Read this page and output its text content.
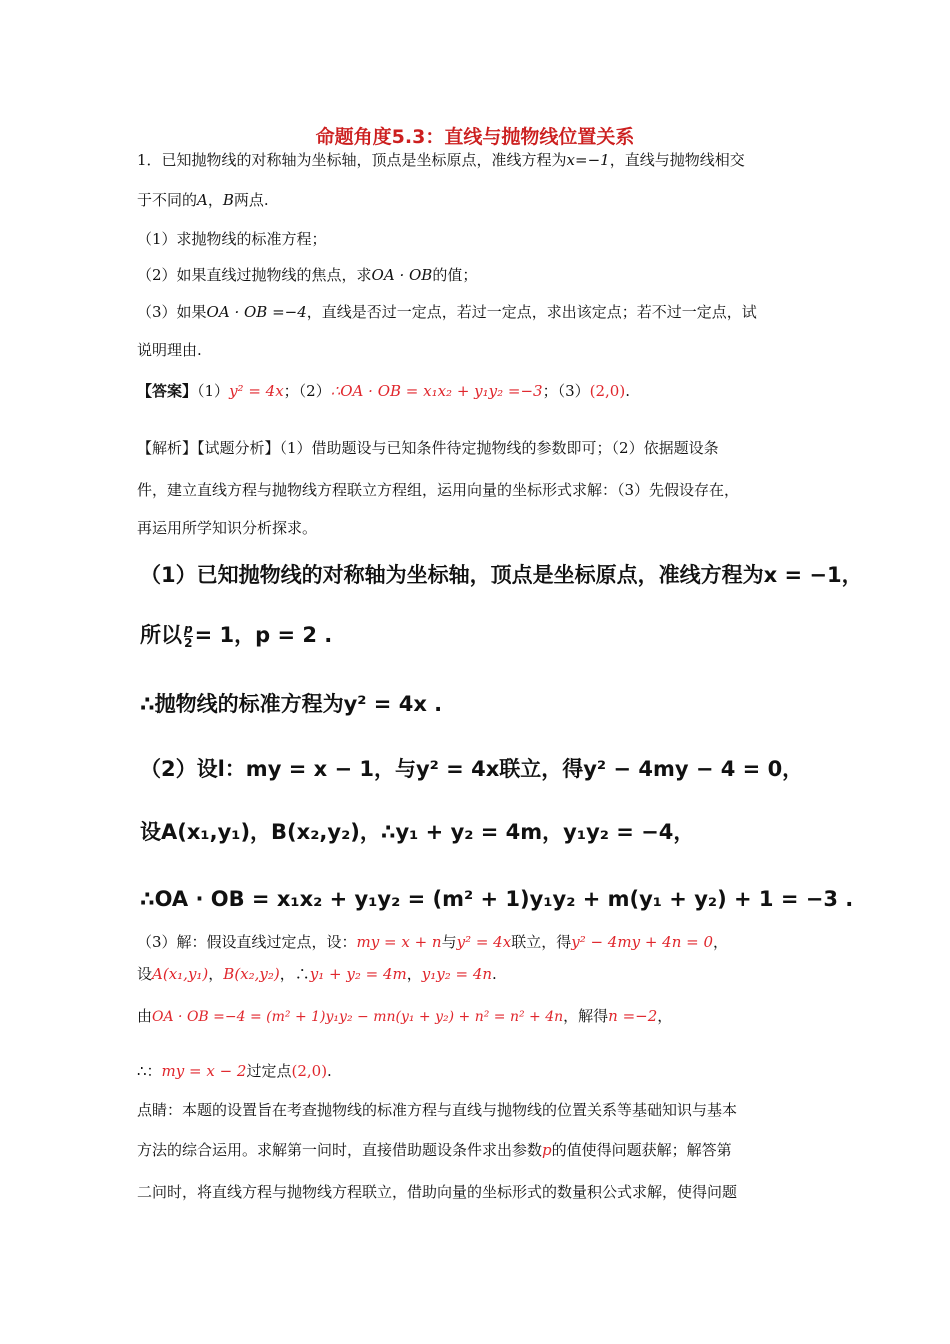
命题角度5.3：直线与抛物线位置关系
1．已知抛物线的对称轴为坐标轴，顶点是坐标原点，准线方程为x=−1，直线与抛物线相交
于不同的A，B两点.
（1）求抛物线的标准方程；
（2）如果直线过抛物线的焦点，求OA · OB的值；
（3）如果OA · OB =−4，直线是否过一定点，若过一定点，求出该定点；若不过一定点，试
说明理由.
【答案】（1）y² = 4x；（2）∴OA · OB = x₁x₂ + y₁y₂ =−3；（3）(2,0).
【解析】【试题分析】（1）借助题设与已知条件待定抛物线的参数即可；（2）依据题设条
件，建立直线方程与抛物线方程联立方程组，运用向量的坐标形式求解：（3）先假设存在，
再运用所学知识分析探求。
（1）已知抛物线的对称轴为坐标轴，顶点是坐标原点，准线方程为x = −1，
所以 $\frac{p}{2} = 1$，p = 2 .
∴抛物线的标准方程为y² = 4x .
（2）设l：my = x − 1，与y² = 4x联立，得y² − 4my − 4 = 0，
设A(x₁,y₁)，B(x₂,y₂)，∴y₁ + y₂ = 4m，y₁y₂ = −4，
∴OA · OB = x₁x₂ + y₁y₂ = (m² + 1)y₁y₂ + m(y₁ + y₂) + 1 = −3 .
（3）解：假设直线过定点，设：my = x + n与y² = 4x联立，得y² − 4my + 4n = 0，
设A(x₁,y₁)，B(x₂,y₂)，∴y₁ + y₂ = 4m，y₁y₂ = 4n.
由OA · OB =−4 = (m² + 1)y₁y₂ − mn(y₁ + y₂) + n² = n² + 4n，解得n =−2，
∴：my = x − 2过定点(2,0).
点睛：本题的设置旨在考查抛物线的标准方程与直线与抛物线的位置关系等基础知识与基本
方法的综合运用。求解第一问时，直接借助题设条件求出参数p的值使得问题获解；解答第
二问时，将直线方程与抛物线方程联立，借助向量的坐标形式的数量积公式求解，使得问题
